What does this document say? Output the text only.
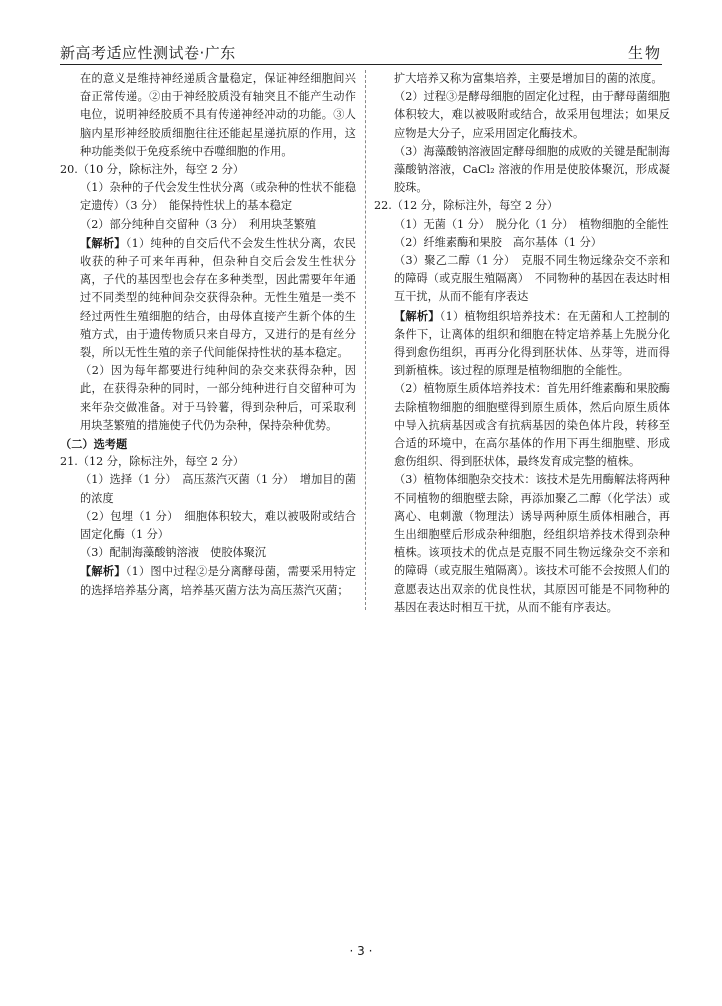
新高考适应性测试卷·广东	生物

在的意义是维持神经递质含量稳定，保证神经细胞间兴奋正常传递。②由于神经胶质没有轴突且不能产生动作电位，说明神经胶质不具有传递神经冲动的功能。③人脑内星形神经胶质细胞往往还能起星递抗原的作用，这种功能类似于免疫系统中吞噬细胞的作用。

20.（10 分，除标注外，每空 2 分）

（1）杂种的子代会发生性状分离（或杂种的性状不能稳定遗传）（3 分）　能保持性状上的基本稳定

（2）部分纯种自交留种（3 分）　利用块茎繁殖

【解析】（1）纯种的自交后代不会发生性状分离，农民收获的种子可来年再种，但杂种自交后会发生性状分离，子代的基因型也会存在多种类型，因此需要年年通过不同类型的纯种间杂交获得杂种。无性生殖是一类不经过两性生殖细胞的结合，由母体直接产生新个体的生殖方式，由于遗传物质只来自母方，又进行的是有丝分裂，所以无性生殖的亲子代间能保持性状的基本稳定。

（2）因为每年都要进行纯种间的杂交来获得杂种，因此，在获得杂种的同时，一部分纯种进行自交留种可为来年杂交做准备。对于马铃薯，得到杂种后，可采取利用块茎繁殖的措施使子代仍为杂种，保持杂种优势。

（二）选考题

21.（12 分，除标注外，每空 2 分）

（1）选择（1 分）　高压蒸汽灭菌（1 分）　增加目的菌的浓度

（2）包埋（1 分）　细胞体积较大，难以被吸附或结合　固定化酶（1 分）

（3）配制海藻酸钠溶液　使胶体聚沉

【解析】（1）图中过程②是分离酵母菌，需要采用特定的选择培养基分离，培养基灭菌方法为高压蒸汽灭菌；

扩大培养又称为富集培养，主要是增加目的菌的浓度。

（2）过程③是酵母细胞的固定化过程，由于酵母菌细胞体积较大，难以被吸附或结合，故采用包埋法；如果反应物是大分子，应采用固定化酶技术。

（3）海藻酸钠溶液固定酵母细胞的成败的关键是配制海藻酸钠溶液，CaCl₂ 溶液的作用是使胶体聚沉，形成凝胶珠。

22.（12 分，除标注外，每空 2 分）

（1）无菌（1 分）　脱分化（1 分）　植物细胞的全能性

（2）纤维素酶和果胶　高尔基体（1 分）

（3）聚乙二醇（1 分）　克服不同生物远缘杂交不亲和的障碍（或克服生殖隔离）　不同物种的基因在表达时相互干扰，从而不能有序表达

【解析】（1）植物组织培养技术：在无菌和人工控制的条件下，让离体的组织和细胞在特定培养基上先脱分化得到愈伤组织，再再分化得到胚状体、丛芽等，进而得到新植株。该过程的原理是植物细胞的全能性。

（2）植物原生质体培养技术：首先用纤维素酶和果胶酶去除植物细胞的细胞壁得到原生质体，然后向原生质体中导入抗病基因或含有抗病基因的染色体片段，转移至合适的环境中，在高尔基体的作用下再生细胞壁、形成愈伤组织、得到胚状体，最终发育成完整的植株。

（3）植物体细胞杂交技术：该技术是先用酶解法将两种不同植物的细胞壁去除，再添加聚乙二醇（化学法）或离心、电刺激（物理法）诱导两种原生质体相融合，再生出细胞壁后形成杂种细胞，经组织培养技术得到杂种植株。该项技术的优点是克服不同生物远缘杂交不亲和的障碍（或克服生殖隔离）。该技术可能不会按照人们的意愿表达出双亲的优良性状，其原因可能是不同物种的基因在表达时相互干扰，从而不能有序表达。

· 3 ·
